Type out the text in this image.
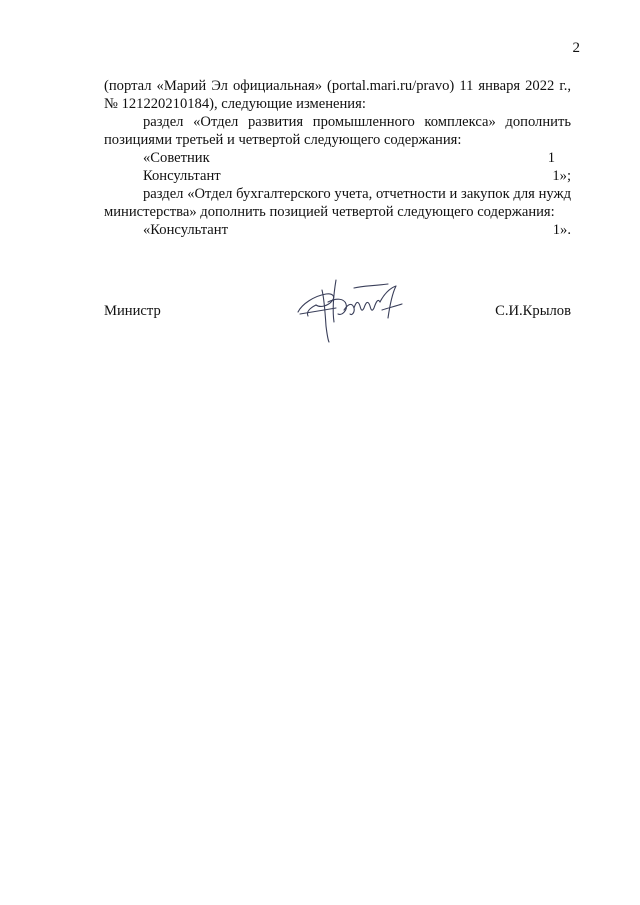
2

(портал «Марий Эл официальная» (portal.mari.ru/pravo) 11 января 2022 г., № 121220210184), следующие изменения:

раздел «Отдел развития промышленного комплекса» дополнить позициями третьей и четвертой следующего содержания:

«Советник	1
Консультант	1»;

раздел «Отдел бухгалтерского учета, отчетности и закупок для нужд министерства» дополнить позицией четвертой следующего содержания:

«Консультант	1».
Министр	С.И.Крылов
